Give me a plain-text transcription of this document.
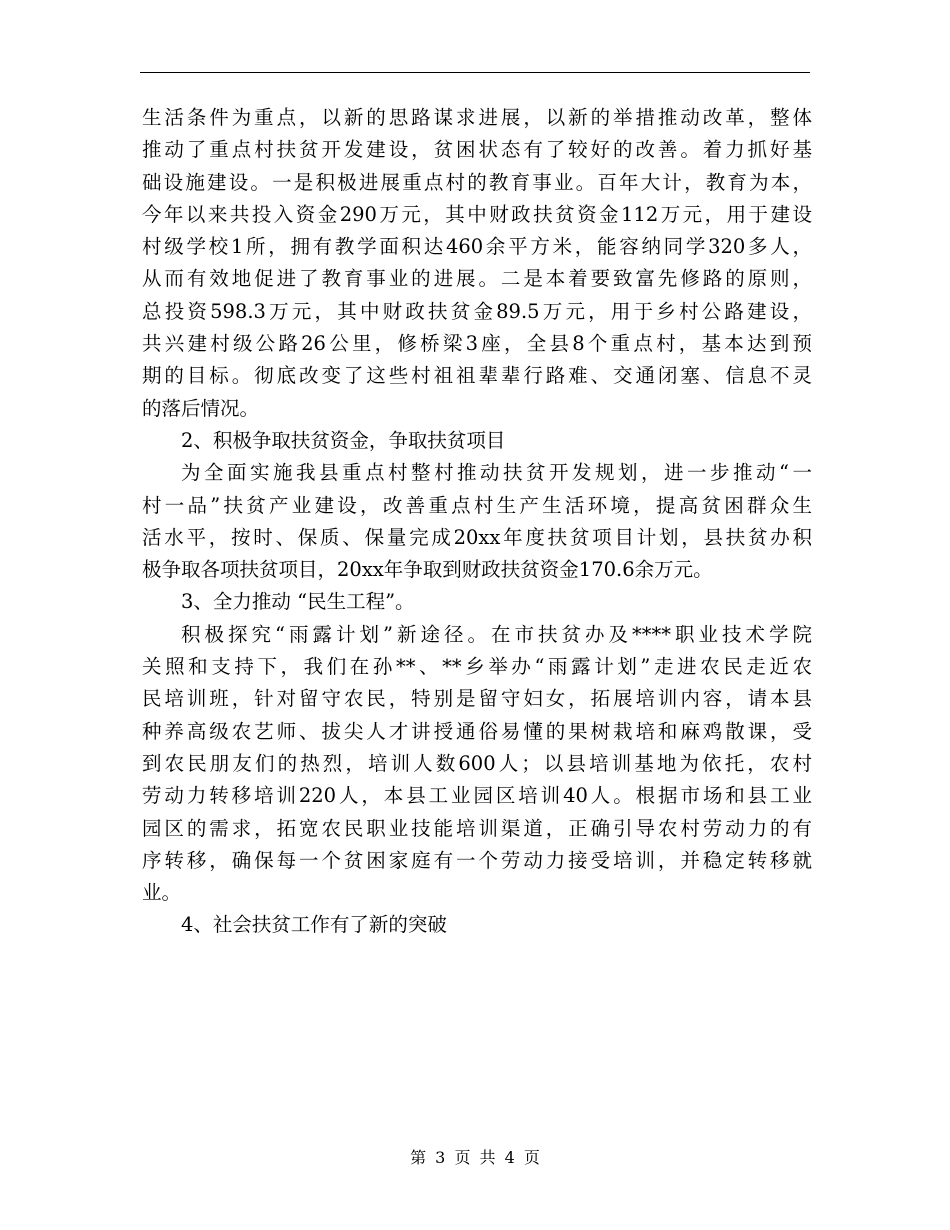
生活条件为重点，以新的思路谋求进展，以新的举措推动改革，整体
推动了重点村扶贫开发建设，贫困状态有了较好的改善。着力抓好基
础设施建设。一是积极进展重点村的教育事业。百年大计，教育为本，
今年以来共投入资金290万元，其中财政扶贫资金112万元，用于建设
村级学校1所，拥有教学面积达460余平方米，能容纳同学320多人，
从而有效地促进了教育事业的进展。二是本着要致富先修路的原则，
总投资598.3万元，其中财政扶贫金89.5万元，用于乡村公路建设，
共兴建村级公路26公里，修桥梁3座，全县8个重点村，基本达到预
期的目标。彻底改变了这些村祖祖辈辈行路难、交通闭塞、信息不灵
的落后情况。
2、积极争取扶贫资金，争取扶贫项目
为全面实施我县重点村整村推动扶贫开发规划，进一步推动“一
村一品”扶贫产业建设，改善重点村生产生活环境，提高贫困群众生
活水平，按时、保质、保量完成20xx年度扶贫项目计划，县扶贫办积
极争取各项扶贫项目，20xx年争取到财政扶贫资金170.6余万元。
3、全力推动 “民生工程”。
积极探究“雨露计划”新途径。在市扶贫办及****职业技术学院
关照和支持下，我们在孙**、**乡举办“雨露计划”走进农民走近农
民培训班，针对留守农民，特别是留守妇女，拓展培训内容，请本县
种养高级农艺师、拔尖人才讲授通俗易懂的果树栽培和麻鸡散课，受
到农民朋友们的热烈，培训人数600人；以县培训基地为依托，农村
劳动力转移培训220人，本县工业园区培训40人。根据市场和县工业
园区的需求，拓宽农民职业技能培训渠道，正确引导农村劳动力的有
序转移，确保每一个贫困家庭有一个劳动力接受培训，并稳定转移就
业。
4、社会扶贫工作有了新的突破
第 3 页 共 4 页
